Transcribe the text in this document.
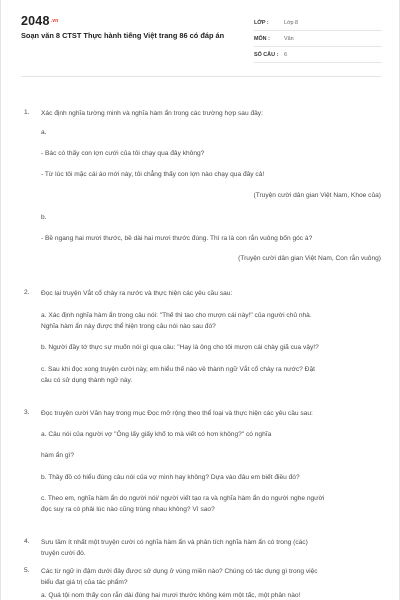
$2048^{.vn}$
Soạn văn 8 CTST Thực hành tiếng Việt trang 86 có đáp án
LỚP :	Lớp 8
MÔN :	Văn
SỐ CÂU :	6
1. Xác định nghĩa tường minh và nghĩa hàm ẩn trong các trường hợp sau đây:
a.
- Bác có thấy con lợn cưới của tôi chạy qua đây không?
- Từ lúc tôi mặc cái áo mới này, tôi chẳng thấy con lợn nào chạy qua đây cả!
(Truyện cười dân gian Việt Nam, Khoe của)
b.
- Bề ngang hai mươi thước, bề dài hai mươi thước đúng. Thì ra là con rắn vuông bốn góc à?
(Truyện cười dân gian Việt Nam, Con rắn vuông)
2. Đọc lại truyện Vắt cổ chày ra nước và thực hiện các yêu cầu sau:
a. Xác định nghĩa hàm ẩn trong câu nói: "Thế thì tao cho mượn cái này!" của người chủ nhà.
Nghĩa hàm ẩn này được thể hiện trong câu nói nào sau đó?
b. Người đầy tớ thực sự muốn nói gì qua câu: "Hay là ông cho tôi mượn cái chày giã cua vậy!?
c. Sau khi đọc xong truyện cười này, em hiểu thế nào về thành ngữ Vắt cổ chày ra nước? Đặt
câu có sử dụng thành ngữ này.
3. Đọc truyện cười Văn hay trong mục Đọc mở rộng theo thể loại và thực hiện các yêu cầu sau:
a. Câu nói của người vợ "Ông lấy giấy khố to mà viết có hơn không?" có nghĩa
hàm ẩn gì?
b. Thầy đồ có hiểu đúng câu nói của vợ mình hay không? Dựa vào đâu em biết điều đó?
c. Theo em, nghĩa hàm ẩn do người nói/ người viết tạo ra và nghĩa hàm ẩn do người nghe người
đọc suy ra có phải lúc nào cũng trùng nhau không? Vì sao?
4. Sưu tầm ít nhất một truyện cười có nghĩa hàm ẩn và phân tích nghĩa hàm ẩn có trong (các)
truyện cười đó.
5. Các từ ngữ in đậm dưới đây được sử dụng ở vùng miền nào? Chúng có tác dụng gì trong việc
biểu đạt giá trị của tác phẩm?
a. Quá tội nom thấy con rắn dài đúng hai mươi thước không kém một tấc, một phân nào!
